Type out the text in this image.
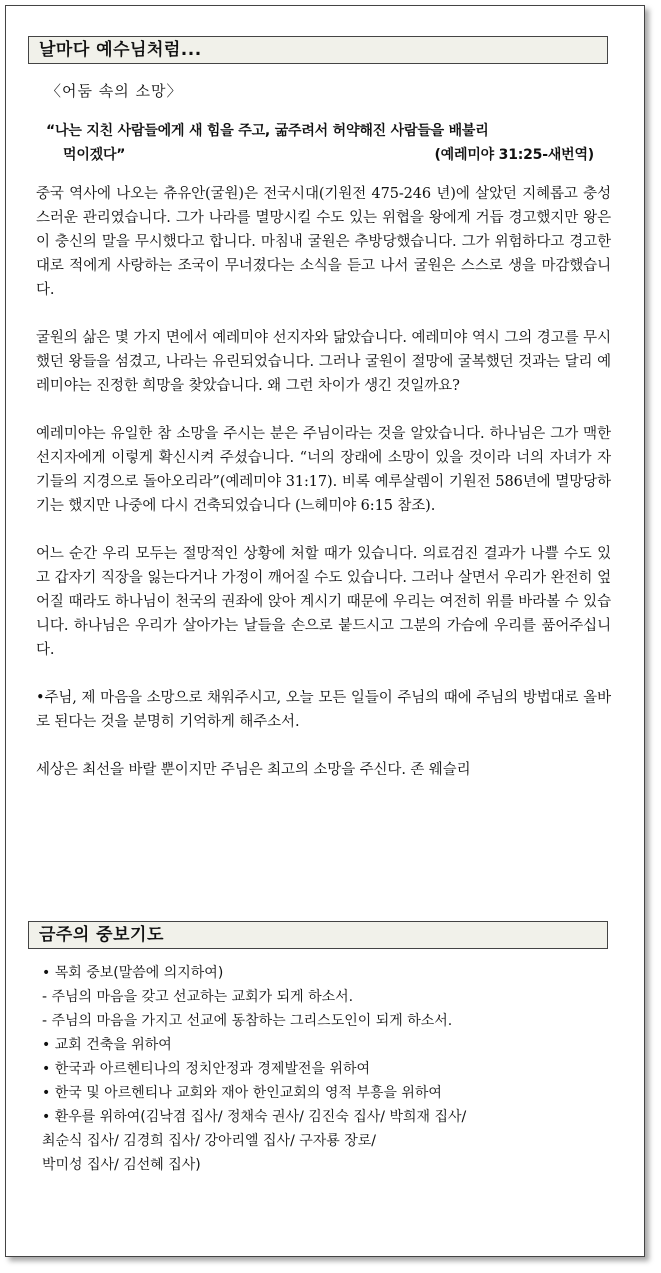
날마다 예수님처럼...
〈어둠 속의 소망〉
“나는 지친 사람들에게 새 힘을 주고, 굶주려서 허약해진 사람들을 배불리
먹이겠다”	(예레미야 31:25-새번역)

중국 역사에 나오는 츄유안(굴원)은 전국시대(기원전 475-246 년)에 살았던 지혜롭고 충성스러운 관리였습니다. 그가 나라를 멸망시킬 수도 있는 위협을 왕에게 거듭 경고했지만 왕은 이 충신의 말을 무시했다고 합니다. 마침내 굴원은 추방당했습니다. 그가 위험하다고 경고한대로 적에게 사랑하는 조국이 무너졌다는 소식을 듣고 나서 굴원은 스스로 생을 마감했습니다.

굴원의 삶은 몇 가지 면에서 예레미야 선지자와 닮았습니다. 예레미야 역시 그의 경고를 무시했던 왕들을 섬겼고, 나라는 유린되었습니다. 그러나 굴원이 절망에 굴복했던 것과는 달리 예레미야는 진정한 희망을 찾았습니다. 왜 그런 차이가 생긴 것일까요?

예레미야는 유일한 참 소망을 주시는 분은 주님이라는 것을 알았습니다. 하나님은 그가 맥한 선지자에게 이렇게 확신시켜 주셨습니다. “너의 장래에 소망이 있을 것이라 너의 자녀가 자기들의 지경으로 돌아오리라”(예레미야 31:17). 비록 예루살렘이 기원전 586년에 멸망당하기는 했지만 나중에 다시 건축되었습니다 (느헤미야 6:15 참조).

어느 순간 우리 모두는 절망적인 상황에 처할 때가 있습니다. 의료검진 결과가 나쁠 수도 있고 갑자기 직장을 잃는다거나 가정이 깨어질 수도 있습니다. 그러나 살면서 우리가 완전히 엎어질 때라도 하나님이 천국의 권좌에 앉아 계시기 때문에 우리는 여전히 위를 바라볼 수 있습니다. 하나님은 우리가 살아가는 날들을 손으로 붙드시고 그분의 가슴에 우리를 품어주십니다.

•주님, 제 마음을 소망으로 채워주시고, 오늘 모든 일들이 주님의 때에 주님의 방법대로 올바로 된다는 것을 분명히 기억하게 해주소서.

세상은 최선을 바랄 뿐이지만 주님은 최고의 소망을 주신다. 존 웨슬리

금주의 중보기도
• 목회 중보(말씀에 의지하여)
- 주님의 마음을 갖고 선교하는 교회가 되게 하소서.
- 주님의 마음을 가지고 선교에 동참하는 그리스도인이 되게 하소서.
• 교회 건축을 위하여
• 한국과 아르헨티나의 정치안정과 경제발전을 위하여
• 한국 및 아르헨티나 교회와 재아 한인교회의 영적 부흥을 위하여
• 환우를 위하여(김낙겸 집사/ 정채숙 권사/ 김진숙 집사/ 박희재 집사/
최순식 집사/ 김경희 집사/ 강아리엘 집사/ 구자룡 장로/
박미성 집사/ 김선혜 집사)
